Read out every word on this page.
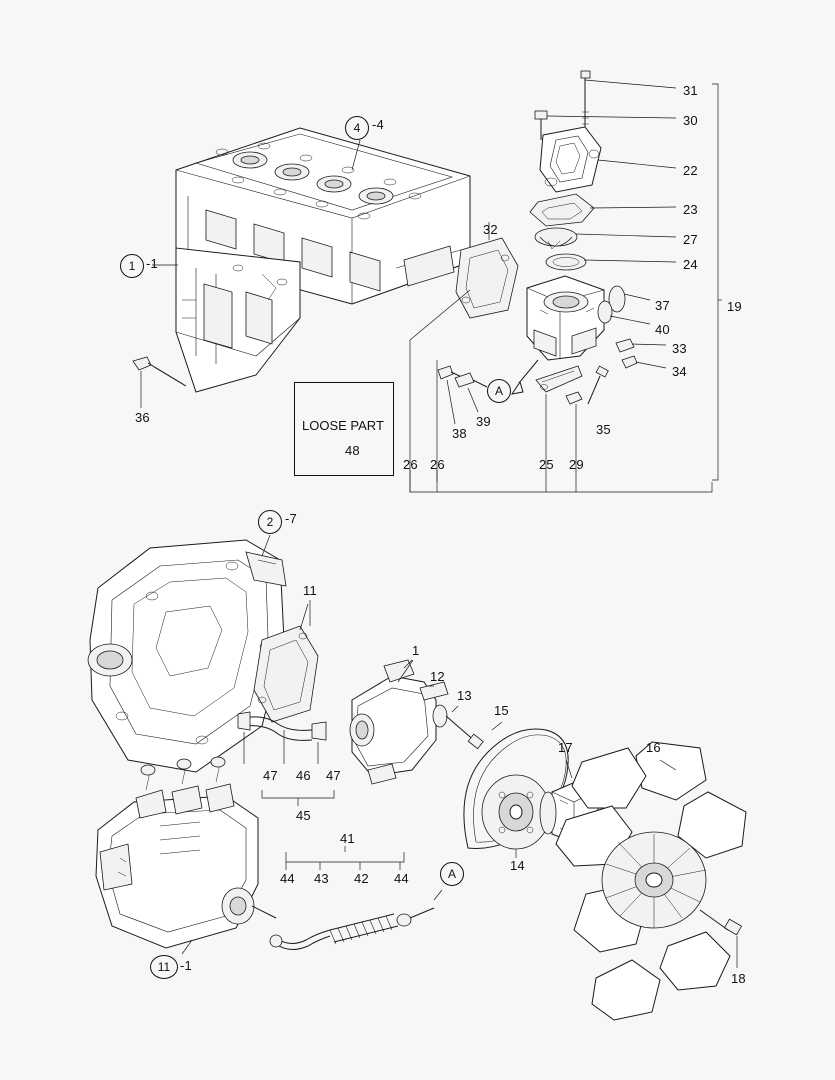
4 -4
1 -1
2 -7
11 -1
A
A
LOOSE PART
31
30
22
23
27
24
19
37
40
33
34
32
36
38
39
35
26 26	25 29
48
11
1
12
13
15
17	16
14
18
47 46 47
45
41
44 43 42 44
